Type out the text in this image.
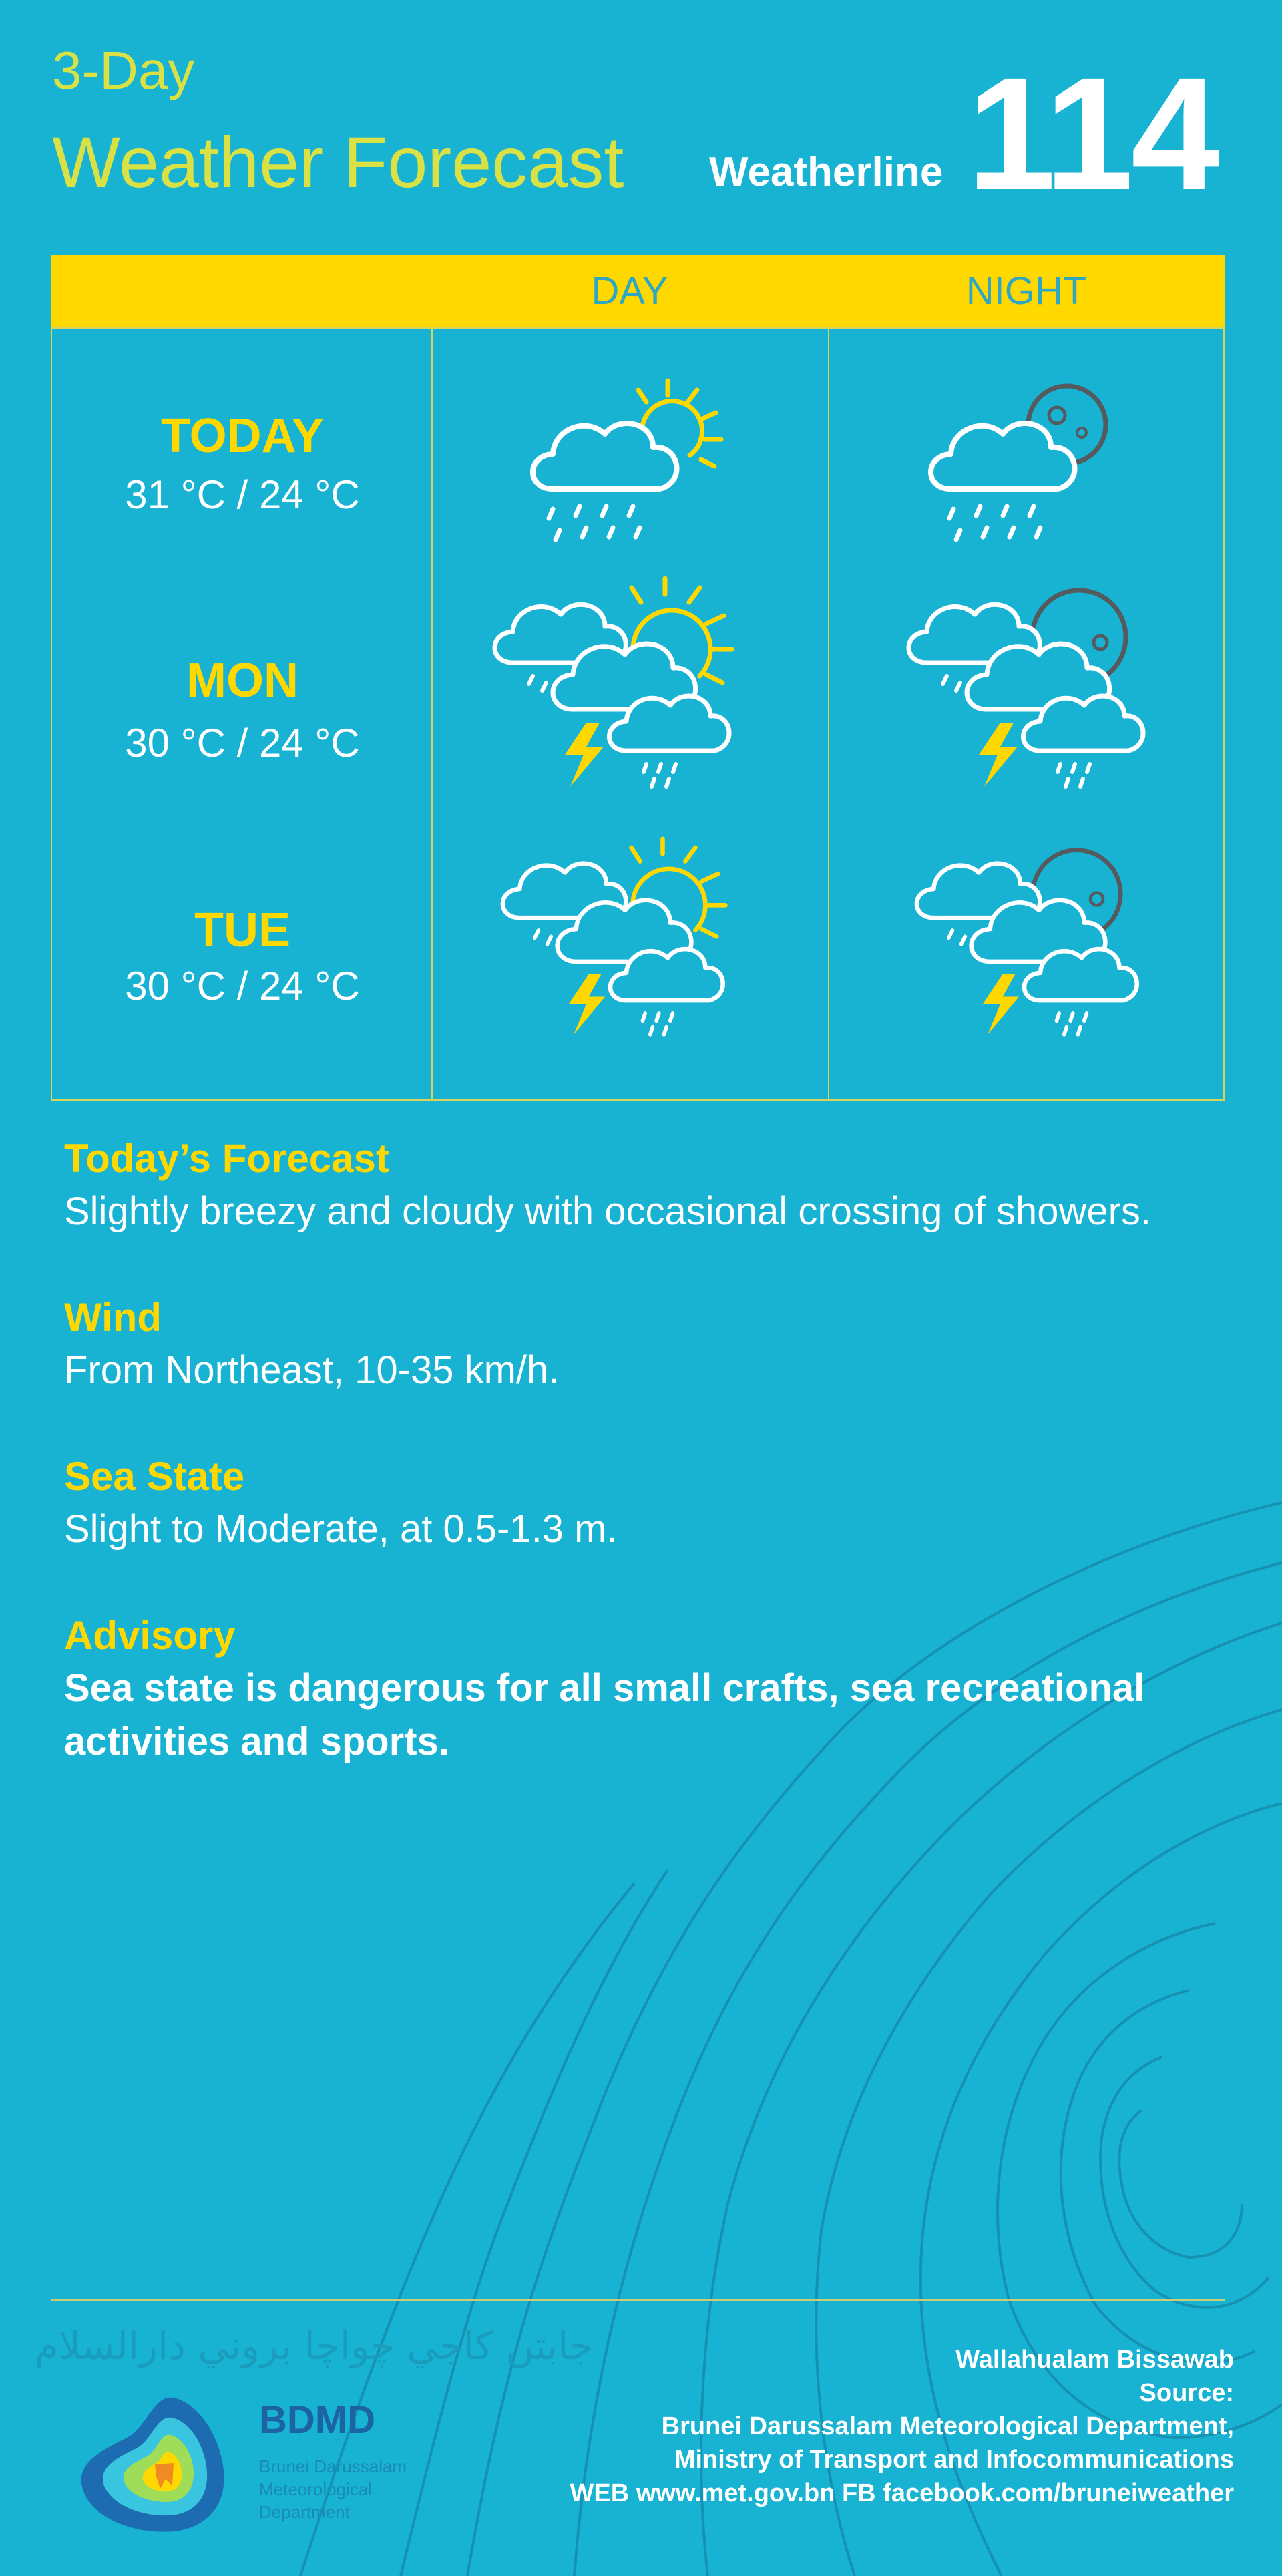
3-Day
Weather Forecast Weatherline 114
DAY	NIGHT
TODAY
31 °C / 24 °C
MON
30 °C / 24 °C
TUE
30 °C / 24 °C
Today’s Forecast
Slightly breezy and cloudy with occasional crossing of showers.
Wind
From Northeast, 10-35 km/h.
Sea State
Slight to Moderate, at 0.5-1.3 m.
Advisory
Sea state is dangerous for all small crafts, sea recreational activities and sports.
جابتن كاجي چواچا بروني دارالسلام
BDMD
Brunei Darussalam Meteorological Department
Wallahualam Bissawab
Source:
Brunei Darussalam Meteorological Department,
Ministry of Transport and Infocommunications
WEB www.met.gov.bn FB facebook.com/bruneiweather
